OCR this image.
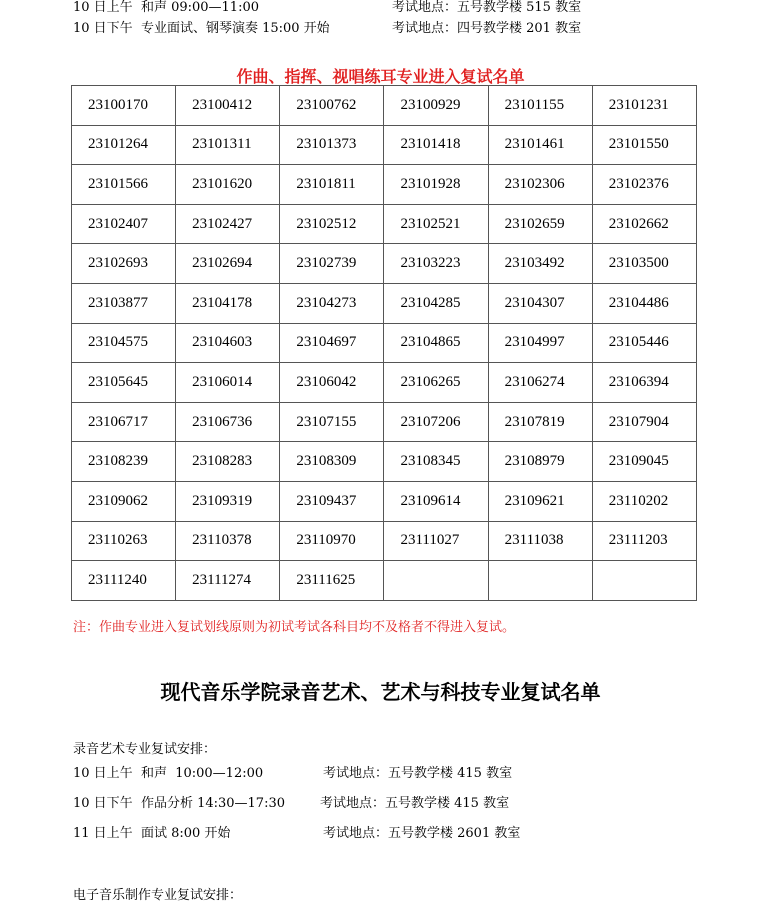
10 日上午  和声 09:00—11:00	考试地点：五号教学楼 515 教室
10 日下午  专业面试、钢琴演奏 15:00 开始	考试地点：四号教学楼 201 教室
作曲、指挥、视唱练耳专业进入复试名单
23100170	23100412	23100762	23100929	23101155	23101231
23101264	23101311	23101373	23101418	23101461	23101550
23101566	23101620	23101811	23101928	23102306	23102376
23102407	23102427	23102512	23102521	23102659	23102662
23102693	23102694	23102739	23103223	23103492	23103500
23103877	23104178	23104273	23104285	23104307	23104486
23104575	23104603	23104697	23104865	23104997	23105446
23105645	23106014	23106042	23106265	23106274	23106394
23106717	23106736	23107155	23107206	23107819	23107904
23108239	23108283	23108309	23108345	23108979	23109045
23109062	23109319	23109437	23109614	23109621	23110202
23110263	23110378	23110970	23111027	23111038	23111203
23111240	23111274	23111625			
注：作曲专业进入复试划线原则为初试考试各科目均不及格者不得进入复试。
现代音乐学院录音艺术、艺术与科技专业复试名单
录音艺术专业复试安排：
10 日上午  和声  10:00—12:00	考试地点：五号教学楼 415 教室
10 日下午  作品分析 14:30—17:30	考试地点：五号教学楼 415 教室
11 日上午  面试 8:00 开始	考试地点：五号教学楼 2601 教室
电子音乐制作专业复试安排：
